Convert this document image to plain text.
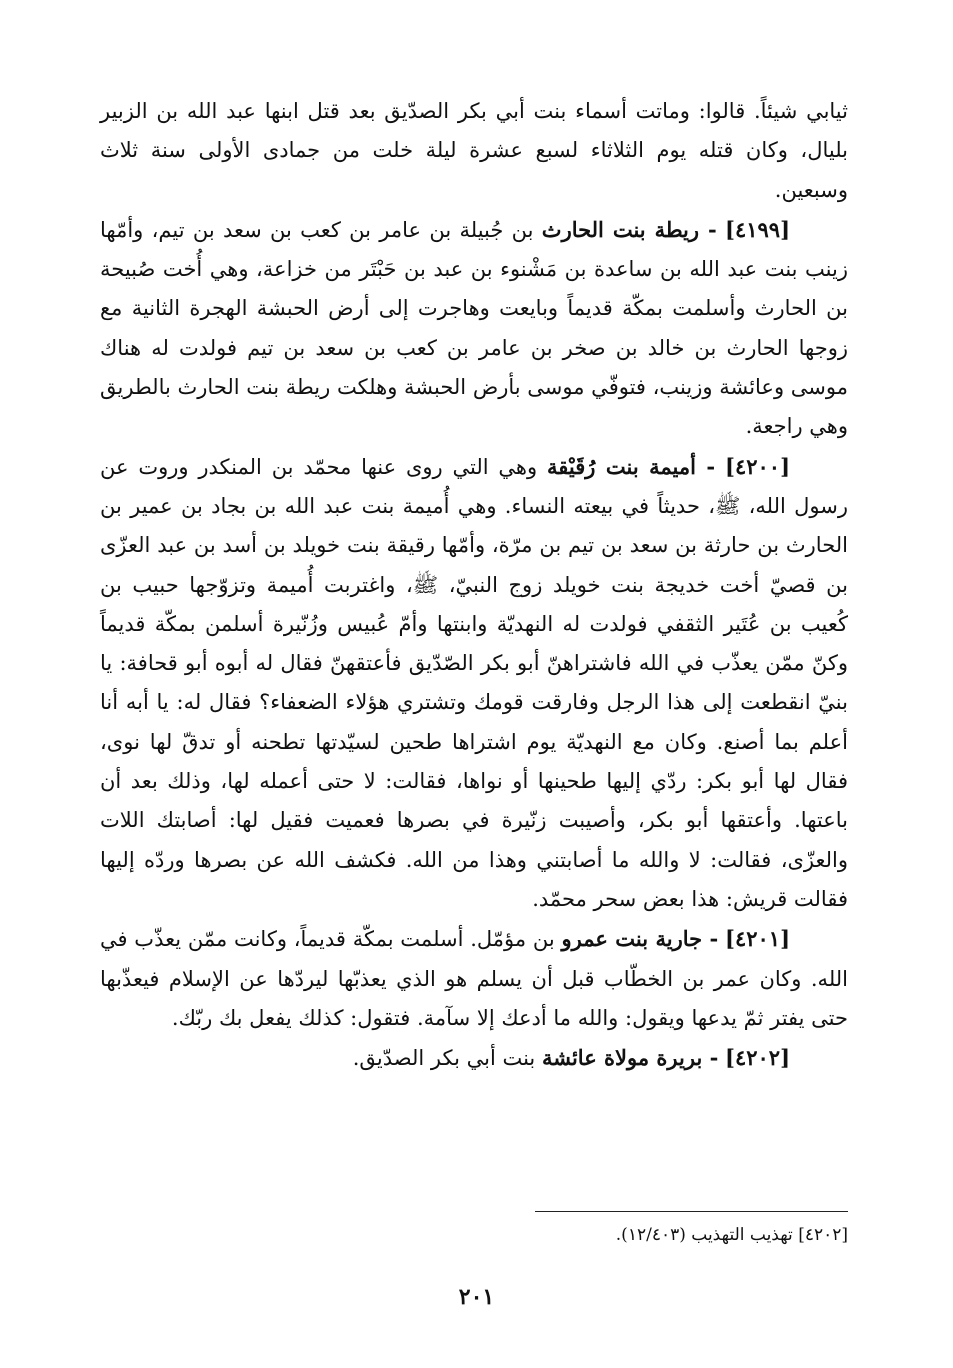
ثيابي شيئاً. قالوا: وماتت أسماء بنت أبي بكر الصدّيق بعد قتل ابنها عبد الله بن الزبير بليال، وكان قتله يوم الثلاثاء لسبع عشرة ليلة خلت من جمادى الأولى سنة ثلاث وسبعين.

[٤١٩٩] - ريطة بنت الحارث بن جُبيلة بن عامر بن كعب بن سعد بن تيم، وأمّها زينب بنت عبد الله بن ساعدة بن مَشْنوء بن عبد بن حَبْتَر من خزاعة، وهي أُخت صُبيحة بن الحارث وأسلمت بمكّة قديماً وبايعت وهاجرت إلى أرض الحبشة الهجرة الثانية مع زوجها الحارث بن خالد بن صخر بن عامر بن كعب بن سعد بن تيم فولدت له هناك موسى وعائشة وزينب، فتوفّي موسى بأرض الحبشة وهلكت ريطة بنت الحارث بالطريق وهي راجعة.

[٤٢٠٠] - أميمة بنت رُقَيْقة وهي التي روى عنها محمّد بن المنكدر وروت عن رسول الله، ﷺ، حديثاً في بيعته النساء. وهي أُميمة بنت عبد الله بن بجاد بن عمير بن الحارث بن حارثة بن سعد بن تيم بن مرّة، وأمّها رقيقة بنت خويلد بن أسد بن عبد العزّى بن قصيّ أخت خديجة بنت خويلد زوج النبيّ، ﷺ، واغتربت أُميمة وتزوّجها حبيب بن كُعيب بن عُتَير الثقفي فولدت له النهديّة وابنتها وأمّ عُبيس وزُنّيرة أسلمن بمكّة قديماً وكنّ ممّن يعذّب في الله فاشتراهنّ أبو بكر الصّدّيق فأعتقهنّ فقال له أبوه أبو قحافة: يا بنيّ انقطعت إلى هذا الرجل وفارقت قومك وتشتري هؤلاء الضعفاء؟ فقال له: يا أبه أنا أعلم بما أصنع. وكان مع النهديّة يوم اشتراها طحين لسيّدتها تطحنه أو تدقّ لها نوى، فقال لها أبو بكر: ردّي إليها طحينها أو نواها، فقالت: لا حتى أعمله لها، وذلك بعد أن باعتها. وأعتقها أبو بكر، وأصيبت زنّيرة في بصرها فعميت فقيل لها: أصابتك اللات والعزّى، فقالت: لا والله ما أصابتني وهذا من الله. فكشف الله عن بصرها وردّه إليها فقالت قريش: هذا بعض سحر محمّد.

[٤٢٠١] - جارية بنت عمرو بن مؤمّل. أسلمت بمكّة قديماً، وكانت ممّن يعذّب في الله. وكان عمر بن الخطّاب قبل أن يسلم هو الذي يعذبّها ليردّها عن الإسلام فيعذّبها حتى يفتر ثمّ يدعها ويقول: والله ما أدعك إلا سآمة. فتقول: كذلك يفعل بك ربّك.

[٤٢٠٢] - بريرة مولاة عائشة بنت أبي بكر الصدّيق.

[٤٢٠٢] تهذيب التهذيب (١٢/٤٠٣).
٢٠١
